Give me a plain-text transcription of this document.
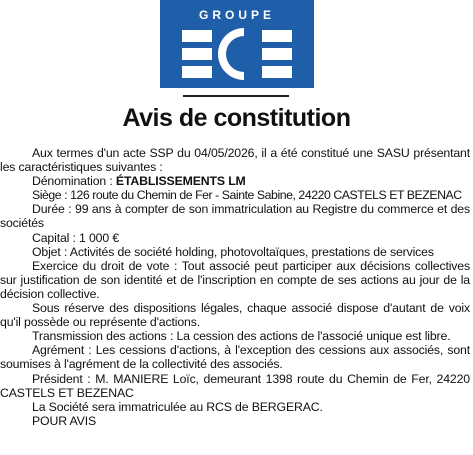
GROUPE
Avis de constitution

Aux termes d'un acte SSP du 04/05/2026, il a été constitué une SASU présentant les caractéristiques suivantes :

Dénomination : ÉTABLISSEMENTS LM

Siège : 126 route du Chemin de Fer - Sainte Sabine, 24220 CASTELS ET BEZENAC

Durée : 99 ans à compter de son immatriculation au Registre du commerce et des sociétés

Capital : 1 000 €

Objet : Activités de société holding, photovoltaïques, prestations de services

Exercice du droit de vote : Tout associé peut participer aux décisions collectives sur justification de son identité et de l'inscription en compte de ses actions au jour de la décision collective.

Sous réserve des dispositions légales, chaque associé dispose d'autant de voix qu'il possède ou représente d'actions.

Transmission des actions : La cession des actions de l'associé unique est libre.

Agrément : Les cessions d'actions, à l'exception des cessions aux associés, sont soumises à l'agrément de la collectivité des associés.

Président : M. MANIERE Loïc, demeurant 1398 route du Chemin de Fer, 24220 CASTELS ET BEZENAC

La Société sera immatriculée au RCS de BERGERAC.

POUR AVIS
